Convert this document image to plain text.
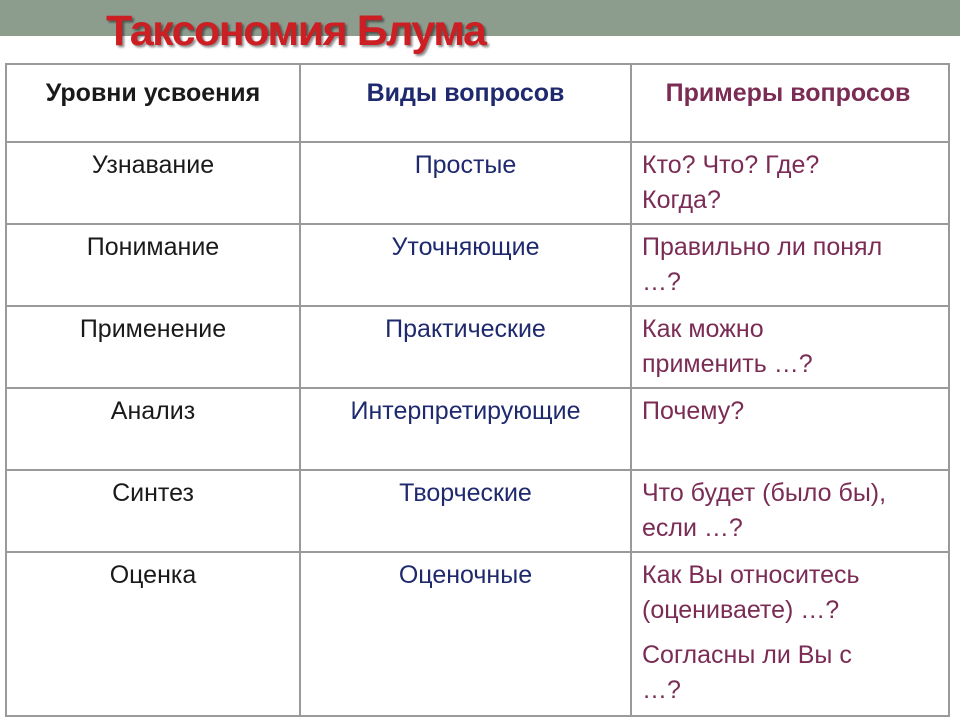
Таксономия Блума
Уровни усвоения	Виды вопросов	Примеры вопросов
Узнавание	Простые	Кто? Что? Где?
Когда?

Понимание	Уточняющие	Правильно ли понял
…?

Применение	Практические	Как можно
применить …?

Анализ	Интерпретирующие	Почему?

Синтез	Творческие	Что будет (было бы),
если …?

Оценка	Оценочные	Как Вы относитесь
(оцениваете) …?
Согласны ли Вы с
…?
